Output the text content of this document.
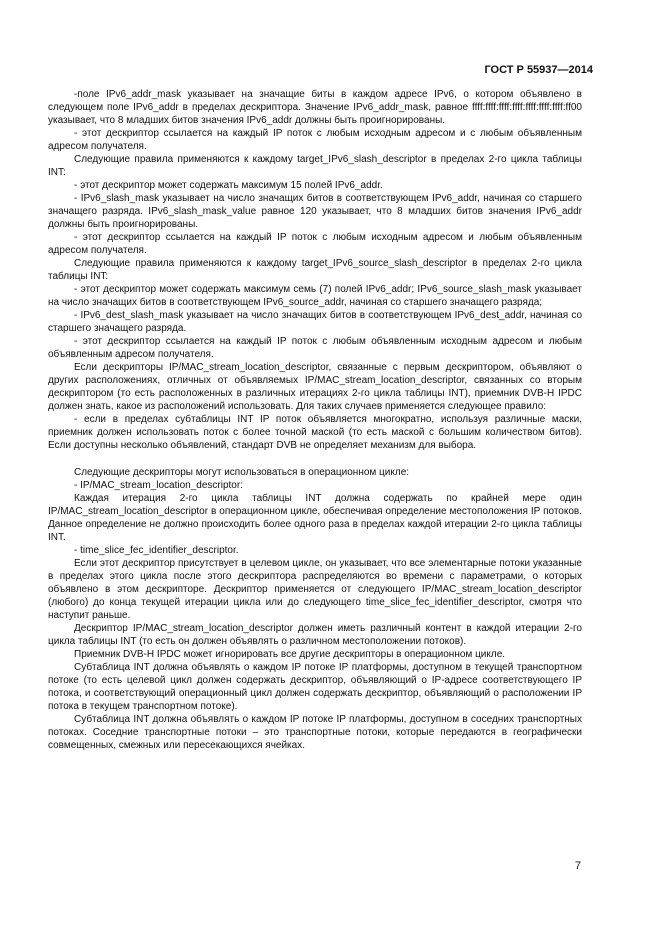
ГОСТ Р 55937—2014

-поле IPv6_addr_mask указывает на значащие биты в каждом адресе IPv6, о котором объявлено в следующем поле IPv6_addr в пределах дескриптора. Значение IPv6_addr_mask, равное ffff:ffff:ffff:ffff:ffff:ffff:ffff:ff00 указывает, что 8 младших битов значения IPv6_addr должны быть проигнорированы.

- этот дескриптор ссылается на каждый IP поток с любым исходным адресом и с любым объявленным адресом получателя.

Следующие правила применяются к каждому target_IPv6_slash_descriptor в пределах 2-го цикла таблицы INT:

- этот дескриптор может содержать максимум 15 полей IPv6_addr.

- IPv6_slash_mask указывает на число значащих битов в соответствующем IPv6_addr, начиная со старшего значащего разряда. IPv6_slash_mask_value равное 120 указывает, что 8 младших битов значения IPv6_addr должны быть проигнорированы.

- этот дескриптор ссылается на каждый IP поток с любым исходным адресом и любым объявленным адресом получателя.

Следующие правила применяются к каждому target_IPv6_source_slash_descriptor в пределах 2-го цикла таблицы INT:

- этот дескриптор может содержать максимум семь (7) полей IPv6_addr; IPv6_source_slash_mask указывает на число значащих битов в соответствующем IPv6_source_addr, начиная со старшего значащего разряда;

- IPv6_dest_slash_mask указывает на число значащих битов в соответствующем IPv6_dest_addr, начиная со старшего значащего разряда.

- этот дескриптор ссылается на каждый IP поток с любым объявленным исходным адресом и любым объявленным адресом получателя.

Если дескрипторы IP/MAC_stream_location_descriptor, связанные с первым дескриптором, объявляют о других расположениях, отличных от объявляемых IP/MAC_stream_location_descriptor, связанных со вторым дескриптором (то есть расположенных в различных итерациях 2-го цикла таблицы INT), приемник DVB-H IPDC должен знать, какое из расположений использовать. Для таких случаев применяется следующее правило:

- если в пределах субтаблицы INT IP поток объявляется многократно, используя различные маски, приемник должен использовать поток с более точной маской (то есть маской с большим количеством битов). Если доступны несколько объявлений, стандарт DVB не определяет механизм для выбора.

Следующие дескрипторы могут использоваться в операционном цикле:

- IP/MAC_stream_location_descriptor:

Каждая итерация 2-го цикла таблицы INT должна содержать по крайней мере один IP/MAC_stream_location_descriptor в операционном цикле, обеспечивая определение местоположения IP потоков. Данное определение не должно происходить более одного раза в пределах каждой итерации 2-го цикла таблицы INT.

- time_slice_fec_identifier_descriptor.

Если этот дескриптор присутствует в целевом цикле, он указывает, что все элементарные потоки указанные в пределах этого цикла после этого дескриптора распределяются во времени с параметрами, о которых объявлено в этом дескрипторе. Дескриптор применяется от следующего IP/MAC_stream_location_descriptor (любого) до конца текущей итерации цикла или до следующего time_slice_fec_identifier_descriptor, смотря что наступит раньше.

Дескриптор IP/MAC_stream_location_descriptor должен иметь различный контент в каждой итерации 2-го цикла таблицы INT (то есть он должен объявлять о различном местоположении потоков).

Приемник DVB-H IPDC может игнорировать все другие дескрипторы в операционном цикле.

Субтаблица INT должна объявлять о каждом IP потоке IP платформы, доступном в текущей транспортном потоке (то есть целевой цикл должен содержать дескриптор, объявляющий о IP-адресе соответствующего IP потока, и соответствующий операционный цикл должен содержать дескриптор, объявляющий о расположении IP потока в текущем транспортном потоке).

Субтаблица INT должна объявлять о каждом IP потоке IP платформы, доступном в соседних транспортных потоках. Соседние транспортные потоки – это транспортные потоки, которые передаются в географически совмещенных, смежных или пересекающихся ячейках.

7
